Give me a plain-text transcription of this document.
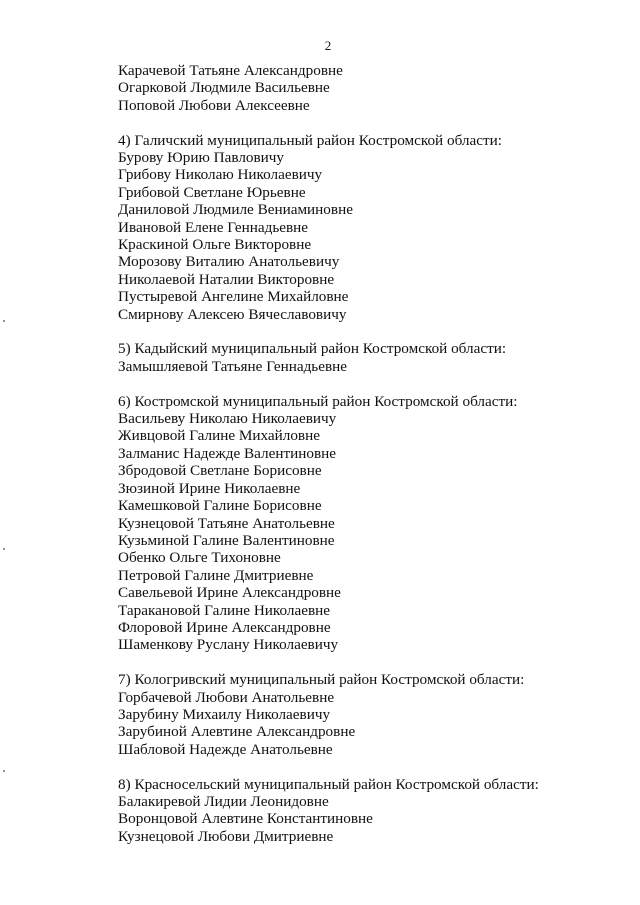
2
Карачевой Татьяне Александровне
Огарковой Людмиле Васильевне
Поповой Любови Алексеевне
4) Галичский муниципальный район Костромской области:
Бурову Юрию Павловичу
Грибову Николаю Николаевичу
Грибовой Светлане Юрьевне
Даниловой Людмиле Вениаминовне
Ивановой Елене Геннадьевне
Краскиной Ольге Викторовне
Морозову Виталию Анатольевичу
Николаевой Наталии Викторовне
Пустыревой Ангелине Михайловне
Смирнову Алексею Вячеславовичу
5) Кадыйский муниципальный район Костромской области:
Замышляевой Татьяне Геннадьевне
6) Костромской муниципальный район Костромской области:
Васильеву Николаю Николаевичу
Живцовой Галине Михайловне
Залманис Надежде Валентиновне
Збродовой Светлане Борисовне
Зюзиной Ирине Николаевне
Камешковой Галине Борисовне
Кузнецовой Татьяне Анатольевне
Кузьминой Галине Валентиновне
Обенко Ольге Тихоновне
Петровой Галине Дмитриевне
Савельевой Ирине Александровне
Таракановой Галине Николаевне
Флоровой Ирине Александровне
Шаменкову Руслану Николаевичу
7) Кологривский муниципальный район Костромской области:
Горбачевой Любови Анатольевне
Зарубину Михаилу Николаевичу
Зарубиной Алевтине Александровне
Шабловой Надежде Анатольевне
8) Красносельский муниципальный район Костромской области:
Балакиревой Лидии Леонидовне
Воронцовой Алевтине Константиновне
Кузнецовой Любови Дмитриевне
